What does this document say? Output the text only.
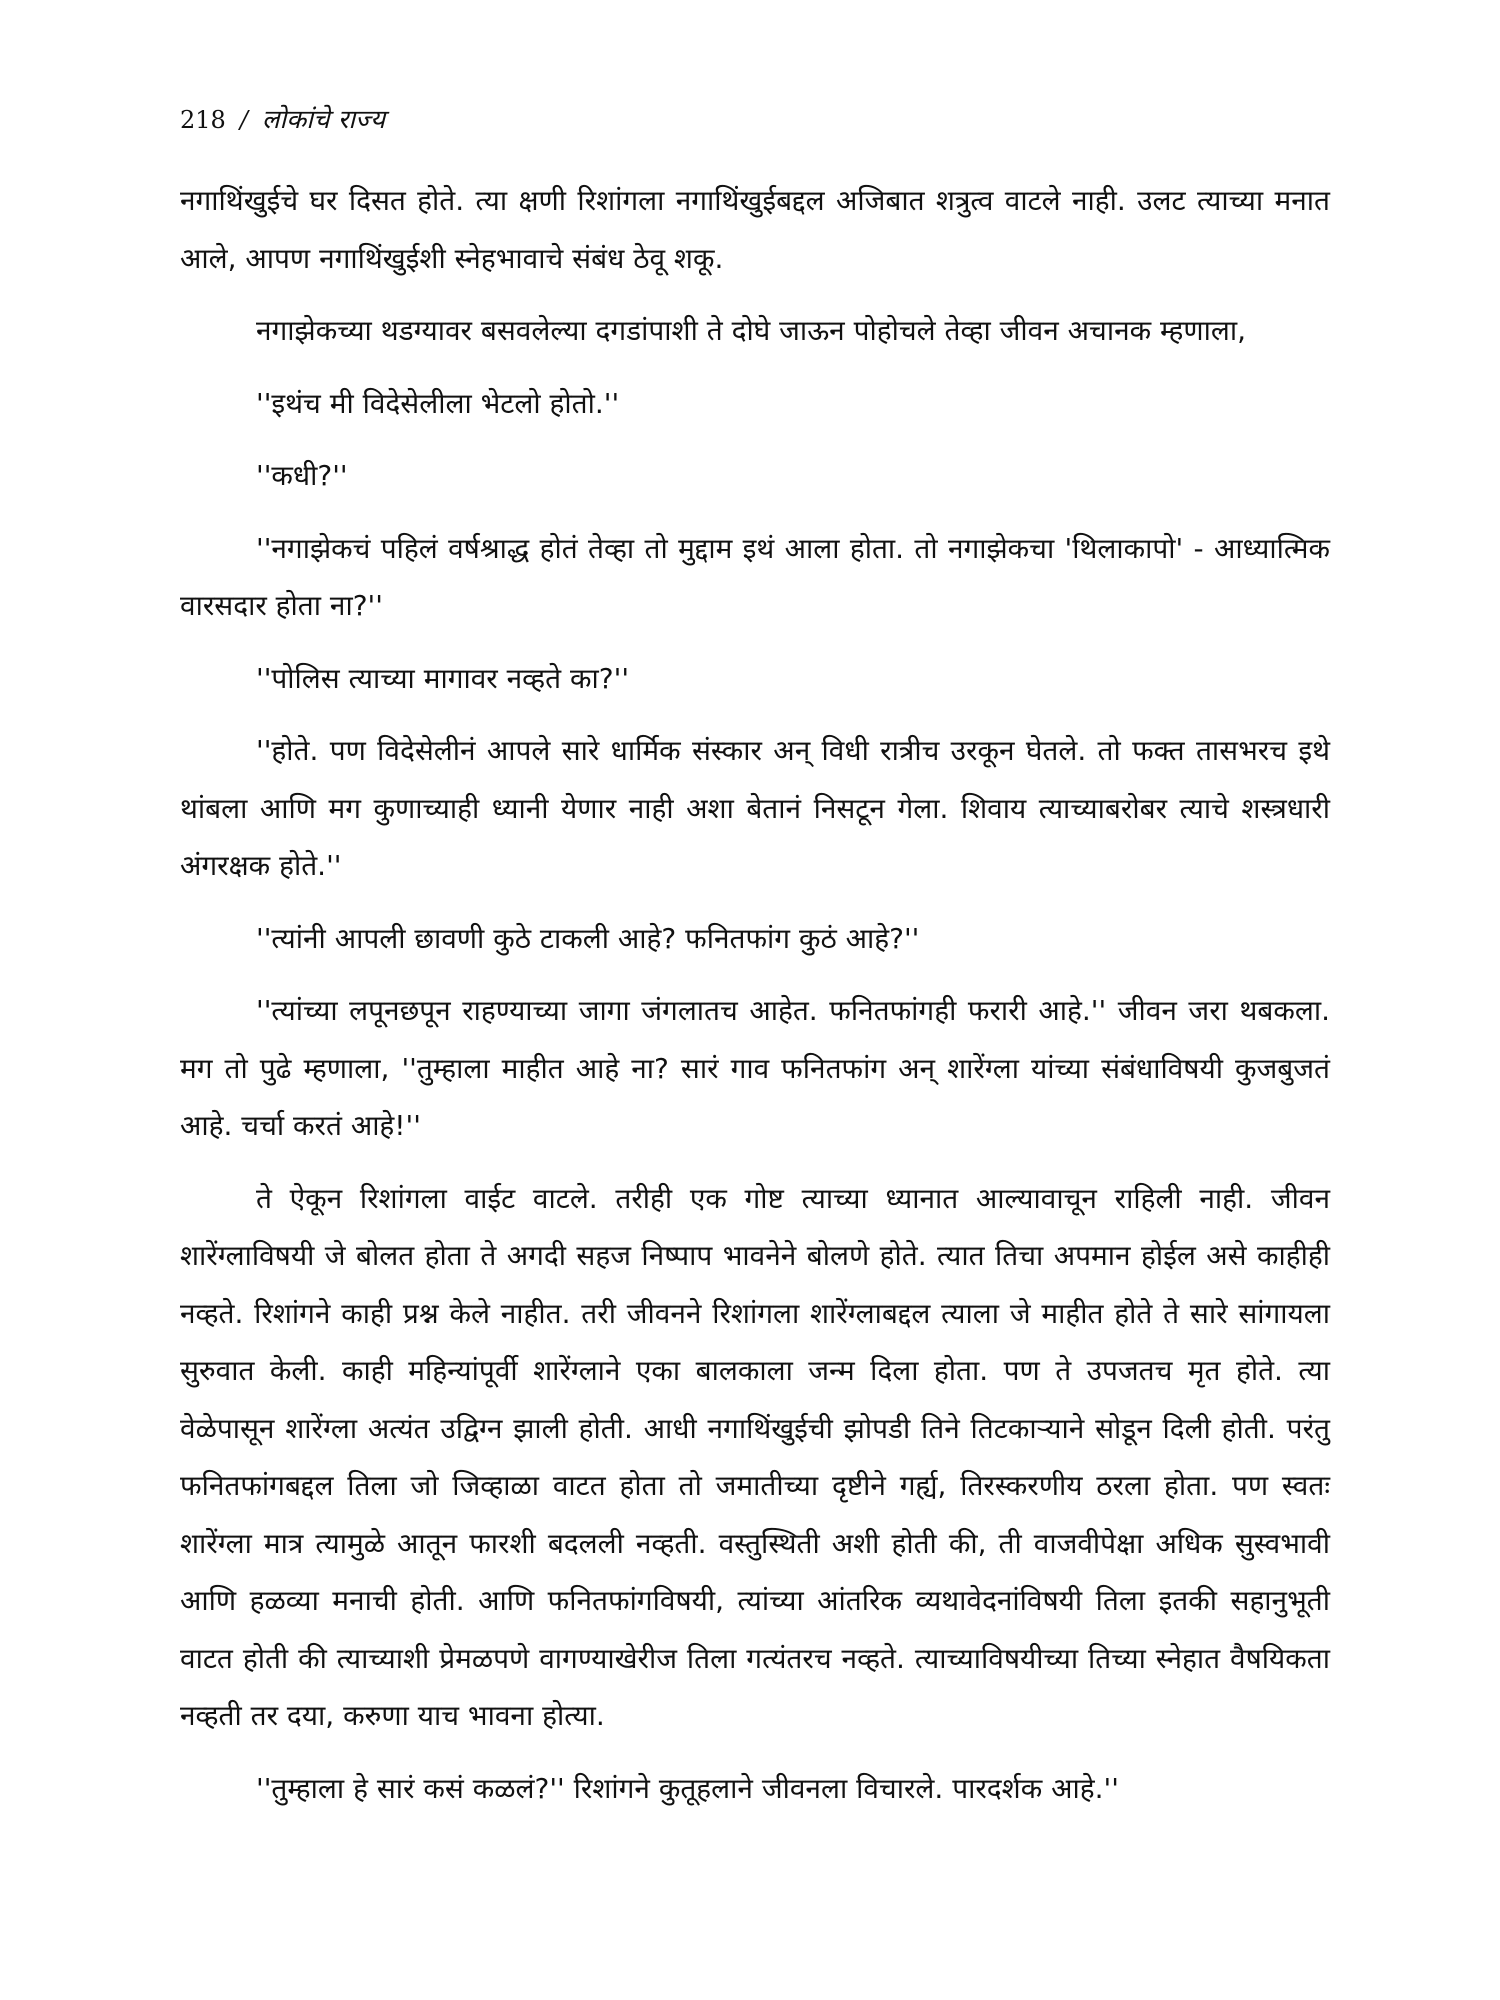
218 / लोकांचे राज्य

नगाथिंखुईचे घर दिसत होते. त्या क्षणी रिशांगला नगाथिंखुईबद्दल अजिबात शत्रुत्व वाटले नाही. उलट त्याच्या मनात आले, आपण नगाथिंखुईशी स्नेहभावाचे संबंध ठेवू शकू.

नगाझेकच्या थडग्यावर बसवलेल्या दगडांपाशी ते दोघे जाऊन पोहोचले तेव्हा जीवन अचानक म्हणाला,

''इथंच मी विदेसेलीला भेटलो होतो.''

''कधी?''

''नगाझेकचं पहिलं वर्षश्राद्ध होतं तेव्हा तो मुद्दाम इथं आला होता. तो नगाझेकचा 'थिलाकापो' - आध्यात्मिक वारसदार होता ना?''

''पोलिस त्याच्या मागावर नव्हते का?''

''होते. पण विदेसेलीनं आपले सारे धार्मिक संस्कार अन् विधी रात्रीच उरकून घेतले. तो फक्त तासभरच इथे थांबला आणि मग कुणाच्याही ध्यानी येणार नाही अशा बेतानं निसटून गेला. शिवाय त्याच्याबरोबर त्याचे शस्त्रधारी अंगरक्षक होते.''

''त्यांनी आपली छावणी कुठे टाकली आहे? फनितफांग कुठं आहे?''

''त्यांच्या लपूनछपून राहण्याच्या जागा जंगलातच आहेत. फनितफांगही फरारी आहे.'' जीवन जरा थबकला. मग तो पुढे म्हणाला, ''तुम्हाला माहीत आहे ना? सारं गाव फनितफांग अन् शारेंग्ला यांच्या संबंधाविषयी कुजबुजतं आहे. चर्चा करतं आहे!''

ते ऐकून रिशांगला वाईट वाटले. तरीही एक गोष्ट त्याच्या ध्यानात आल्यावाचून राहिली नाही. जीवन शारेंग्लाविषयी जे बोलत होता ते अगदी सहज निष्पाप भावनेने बोलणे होते. त्यात तिचा अपमान होईल असे काहीही नव्हते. रिशांगने काही प्रश्न केले नाहीत. तरी जीवनने रिशांगला शारेंग्लाबद्दल त्याला जे माहीत होते ते सारे सांगायला सुरुवात केली. काही महिन्यांपूर्वी शारेंग्लाने एका बालकाला जन्म दिला होता. पण ते उपजतच मृत होते. त्या वेळेपासून शारेंग्ला अत्यंत उद्विग्न झाली होती. आधी नगाथिंखुईची झोपडी तिने तिटकाऱ्याने सोडून दिली होती. परंतु फनितफांगबद्दल तिला जो जिव्हाळा वाटत होता तो जमातीच्या दृष्टीने गर्ह्य, तिरस्करणीय ठरला होता. पण स्वतः शारेंग्ला मात्र त्यामुळे आतून फारशी बदलली नव्हती. वस्तुस्थिती अशी होती की, ती वाजवीपेक्षा अधिक सुस्वभावी आणि हळव्या मनाची होती. आणि फनितफांगविषयी, त्यांच्या आंतरिक व्यथावेदनांविषयी तिला इतकी सहानुभूती वाटत होती की त्याच्याशी प्रेमळपणे वागण्याखेरीज तिला गत्यंतरच नव्हते. त्याच्याविषयीच्या तिच्या स्नेहात वैषयिकता नव्हती तर दया, करुणा याच भावना होत्या.

''तुम्हाला हे सारं कसं कळलं?'' रिशांगने कुतूहलाने जीवनला विचारले. पारदर्शक आहे.''
